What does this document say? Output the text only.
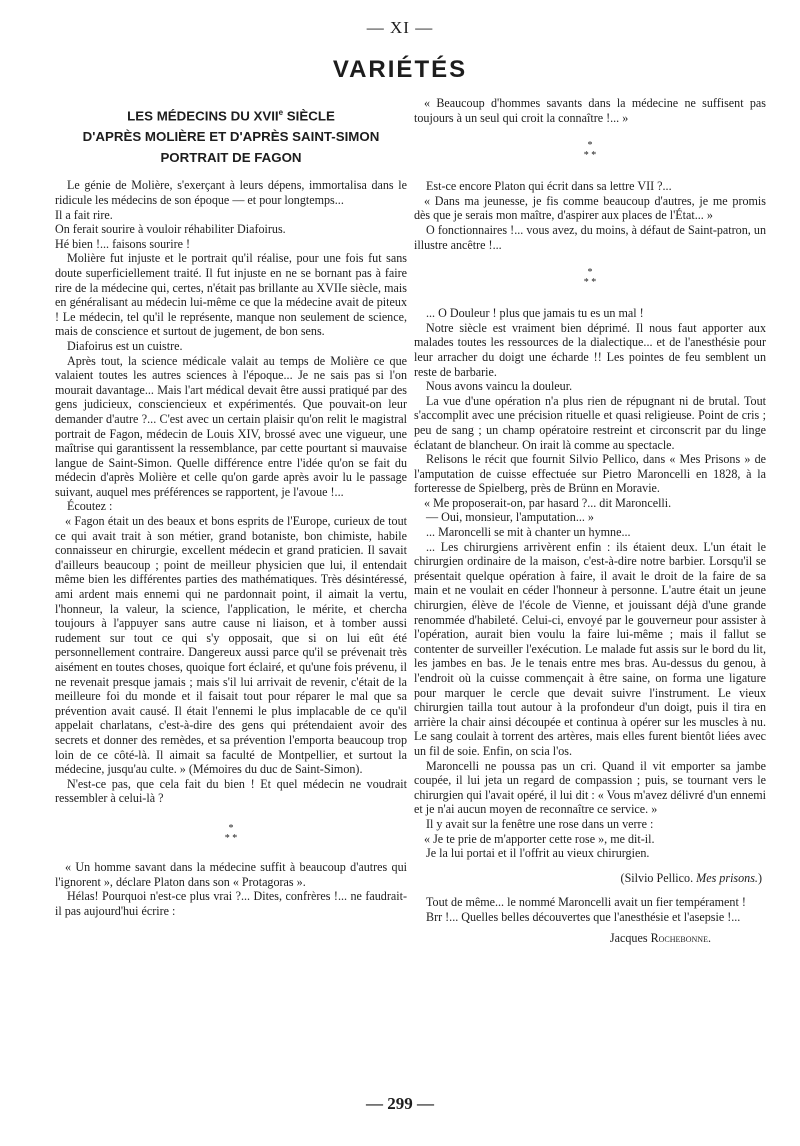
— XI —
VARIÉTÉS
LES MÉDECINS DU XVIIe SIÈCLE
D'APRÈS MOLIÈRE ET D'APRÈS SAINT-SIMON
PORTRAIT DE FAGON

Le génie de Molière, s'exerçant à leurs dépens, immortalisa dans le ridicule les médecins de son époque — et pour longtemps...

Il a fait rire.

On ferait sourire à vouloir réhabiliter Diafoirus.

Hé bien !... faisons sourire !

Molière fut injuste et le portrait qu'il réalise, pour une fois fut sans doute superficiellement traité. Il fut injuste en ne se bornant pas à faire rire de la médecine qui, certes, n'était pas brillante au XVIIe siècle, mais en généralisant au médecin lui-même ce que la médecine avait de piteux ! Le médecin, tel qu'il le représente, manque non seulement de science, mais de conscience et surtout de jugement, de bon sens.

Diafoirus est un cuistre.

Après tout, la science médicale valait au temps de Molière ce que valaient toutes les autres sciences à l'époque... Je ne sais pas si l'on mourait davantage... Mais l'art médical devait être aussi pratiqué par des gens judicieux, consciencieux et expérimentés. Que pouvait-on leur demander d'autre ?... C'est avec un certain plaisir qu'on relit le magistral portrait de Fagon, médecin de Louis XIV, brossé avec une vigueur, une maîtrise qui garantissent la ressemblance, par cette pourtant si mauvaise langue de Saint-Simon. Quelle différence entre l'idée qu'on se fait du médecin d'après Molière et celle qu'on garde après avoir lu le passage suivant, auquel mes préférences se rapportent, je l'avoue !...

Écoutez :

« Fagon était un des beaux et bons esprits de l'Europe, curieux de tout ce qui avait trait à son métier, grand botaniste, bon chimiste, habile connaisseur en chirurgie, excellent médecin et grand praticien. Il savait d'ailleurs beaucoup ; point de meilleur physicien que lui, il entendait même bien les différentes parties des mathématiques. Très désintéressé, ami ardent mais ennemi qui ne pardonnait point, il aimait la vertu, l'honneur, la valeur, la science, l'application, le mérite, et chercha toujours à l'appuyer sans autre cause ni liaison, et à tomber aussi rudement sur tout ce qui s'y opposait, que si on lui eût été personnellement contraire. Dangereux aussi parce qu'il se prévenait très aisément en toutes choses, quoique fort éclairé, et qu'une fois prévenu, il ne revenait presque jamais ; mais s'il lui arrivait de revenir, c'était de la meilleure foi du monde et il faisait tout pour réparer le mal que sa prévention avait causé. Il était l'ennemi le plus implacable de ce qu'il appelait charlatans, c'est-à-dire des gens qui prétendaient avoir des secrets et donner des remèdes, et sa prévention l'emporta beaucoup trop loin de ce côté-là. Il aimait sa faculté de Montpellier, et surtout la médecine, jusqu'au culte. » (Mémoires du duc de Saint-Simon).

N'est-ce pas, que cela fait du bien ! Et quel médecin ne voudrait ressembler à celui-là ?

*
* *

« Un homme savant dans la médecine suffit à beaucoup d'autres qui l'ignorent », déclare Platon dans son « Protagoras ».

Hélas! Pourquoi n'est-ce plus vrai ?... Dites, confrères !... ne faudrait-il pas aujourd'hui écrire :

« Beaucoup d'hommes savants dans la médecine ne suffisent pas toujours à un seul qui croit la connaître !... »

*
* *

Est-ce encore Platon qui écrit dans sa lettre VII ?...

« Dans ma jeunesse, je fis comme beaucoup d'autres, je me promis dès que je serais mon maître, d'aspirer aux places de l'État... »

O fonctionnaires !... vous avez, du moins, à défaut de Saint-patron, un illustre ancêtre !...

*
* *

... O Douleur ! plus que jamais tu es un mal !

Notre siècle est vraiment bien déprimé. Il nous faut apporter aux malades toutes les ressources de la dialectique... et de l'anesthésie pour leur arracher du doigt une écharde !! Les pointes de feu semblent un reste de barbarie.

Nous avons vaincu la douleur.

La vue d'une opération n'a plus rien de répugnant ni de brutal. Tout s'accomplit avec une précision rituelle et quasi religieuse. Point de cris ; peu de sang ; un champ opératoire restreint et circonscrit par du linge éclatant de blancheur. On irait là comme au spectacle.

Relisons le récit que fournit Silvio Pellico, dans « Mes Prisons » de l'amputation de cuisse effectuée sur Pietro Maroncelli en 1828, à la forteresse de Spielberg, près de Brünn en Moravie.

« Me proposerait-on, par hasard ?... dit Maroncelli.

— Oui, monsieur, l'amputation... »

... Maroncelli se mit à chanter un hymne...

... Les chirurgiens arrivèrent enfin : ils étaient deux. L'un était le chirurgien ordinaire de la maison, c'est-à-dire notre barbier. Lorsqu'il se présentait quelque opération à faire, il avait le droit de la faire de sa main et ne voulait en céder l'honneur à personne. L'autre était un jeune chirurgien, élève de l'école de Vienne, et jouissant déjà d'une grande renommée d'habileté. Celui-ci, envoyé par le gouverneur pour assister à l'opération, aurait bien voulu la faire lui-même ; mais il fallut se contenter de surveiller l'exécution. Le malade fut assis sur le bord du lit, les jambes en bas. Je le tenais entre mes bras. Au-dessus du genou, à l'endroit où la cuisse commençait à être saine, on forma une ligature pour marquer le cercle que devait suivre l'instrument. Le vieux chirurgien tailla tout autour à la profondeur d'un doigt, puis il tira en arrière la chair ainsi découpée et continua à opérer sur les muscles à nu. Le sang coulait à torrent des artères, mais elles furent bientôt liées avec un fil de soie. Enfin, on scia l'os.

Maroncelli ne poussa pas un cri. Quand il vit emporter sa jambe coupée, il lui jeta un regard de compassion ; puis, se tournant vers le chirurgien qui l'avait opéré, il lui dit : « Vous m'avez délivré d'un ennemi et je n'ai aucun moyen de reconnaître ce service. »

Il y avait sur la fenêtre une rose dans un verre :

« Je te prie de m'apporter cette rose », me dit-il.

Je la lui portai et il l'offrit au vieux chirurgien.

(Silvio Pellico. Mes prisons.)

Tout de même... le nommé Maroncelli avait un fier tempérament !

Brr !... Quelles belles découvertes que l'anesthésie et l'asepsie !...

Jacques Rochebonne.
— 299 —
